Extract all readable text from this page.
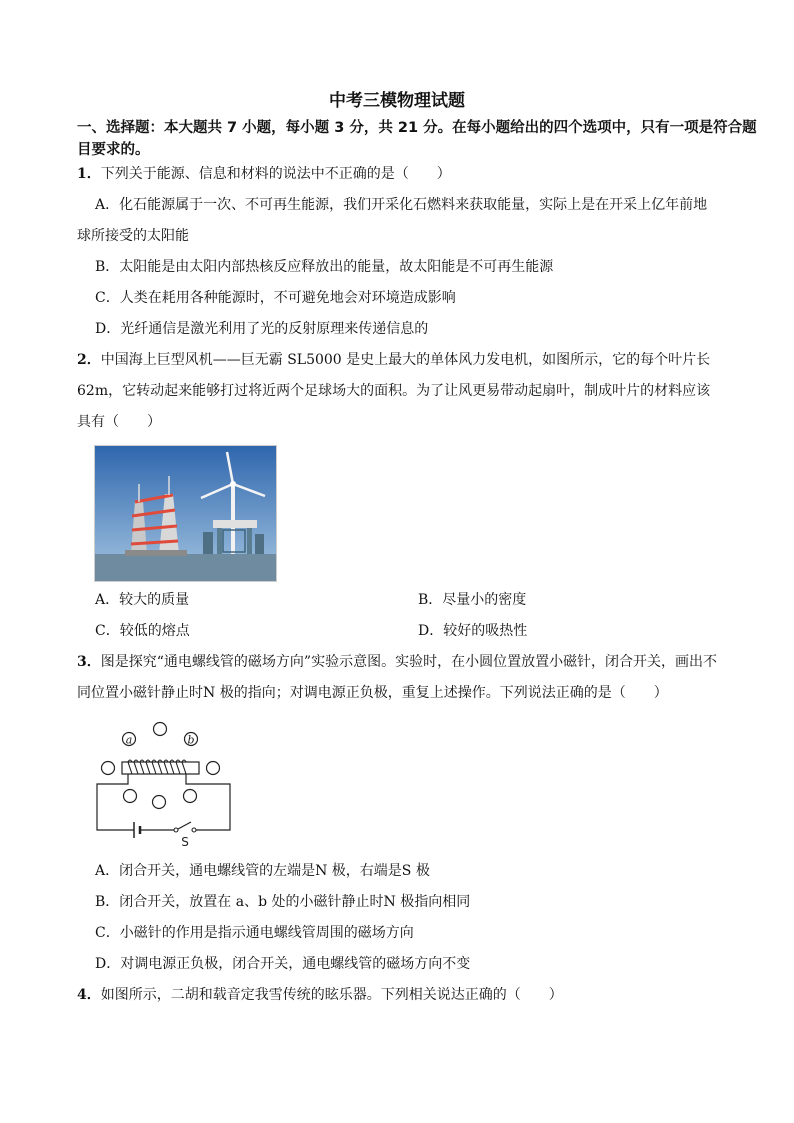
中考三模物理试题
一、选择题：本大题共 7 小题，每小题 3 分，共 21 分。在每小题给出的四个选项中，只有一项是符合题目要求的。
1．下列关于能源、信息和材料的说法中不正确的是（　　）
A．化石能源属于一次、不可再生能源，我们开采化石燃料来获取能量，实际上是在开采上亿年前地
球所接受的太阳能
B．太阳能是由太阳内部热核反应释放出的能量，故太阳能是不可再生能源
C．人类在耗用各种能源时，不可避免地会对环境造成影响
D．光纤通信是激光利用了光的反射原理来传递信息的
2．中国海上巨型风机——巨无霸 SL5000 是史上最大的单体风力发电机，如图所示，它的每个叶片长
62m，它转动起来能够打过将近两个足球场大的面积。为了让风更易带动起扇叶，制成叶片的材料应该
具有（　　）
A．较大的质量	B．尽量小的密度
C．较低的熔点	D．较好的吸热性
3．图是探究“通电螺线管的磁场方向”实验示意图。实验时，在小圆位置放置小磁针，闭合开关，画出不
同位置小磁针静止时N 极的指向；对调电源正负极，重复上述操作。下列说法正确的是（　　）
a	b
S
A．闭合开关，通电螺线管的左端是N 极，右端是S 极
B．闭合开关，放置在 a、b 处的小磁针静止时N 极指向相同
C．小磁针的作用是指示通电螺线管周围的磁场方向
D．对调电源正负极，闭合开关，通电螺线管的磁场方向不变
4．如图所示，二胡和载音定我雪传统的眩乐器。下列相关说达正确的（　　）
